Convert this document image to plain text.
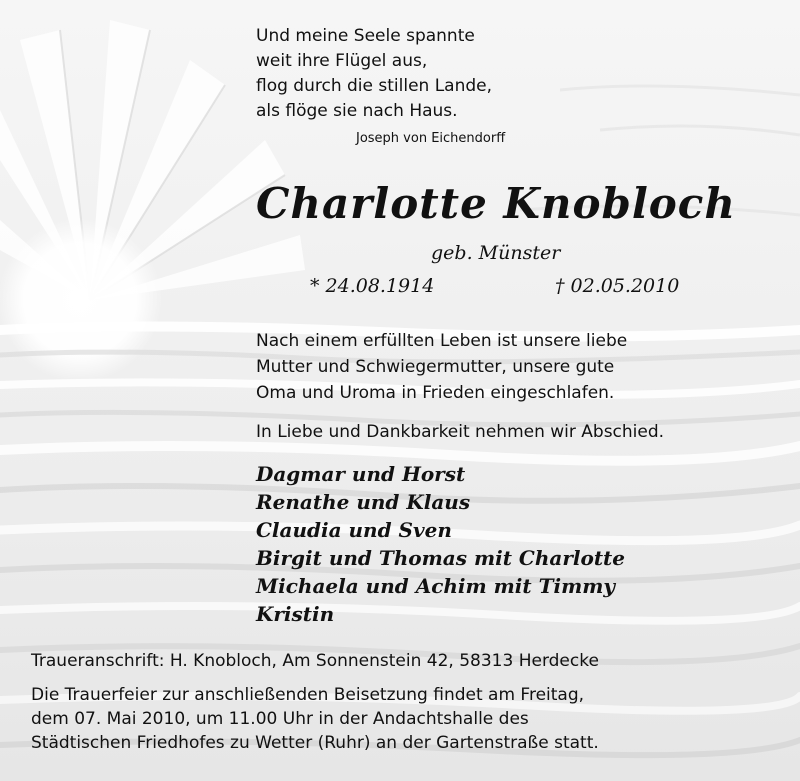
Und meine Seele spannte
weit ihre Flügel aus,
flog durch die stillen Lande,
als flöge sie nach Haus.
Joseph von Eichendorff
Charlotte Knobloch
geb. Münster
* 24.08.1914	† 02.05.2010
Nach einem erfüllten Leben ist unsere liebe
Mutter und Schwiegermutter, unsere gute
Oma und Uroma in Frieden eingeschlafen.
In Liebe und Dankbarkeit nehmen wir Abschied.
Dagmar und Horst
Renathe und Klaus
Claudia und Sven
Birgit und Thomas mit Charlotte
Michaela und Achim mit Timmy
Kristin
Traueranschrift: H. Knobloch, Am Sonnenstein 42, 58313 Herdecke
Die Trauerfeier zur anschließenden Beisetzung findet am Freitag,
dem 07. Mai 2010, um 11.00 Uhr in der Andachtshalle des
Städtischen Friedhofes zu Wetter (Ruhr) an der Gartenstraße statt.
